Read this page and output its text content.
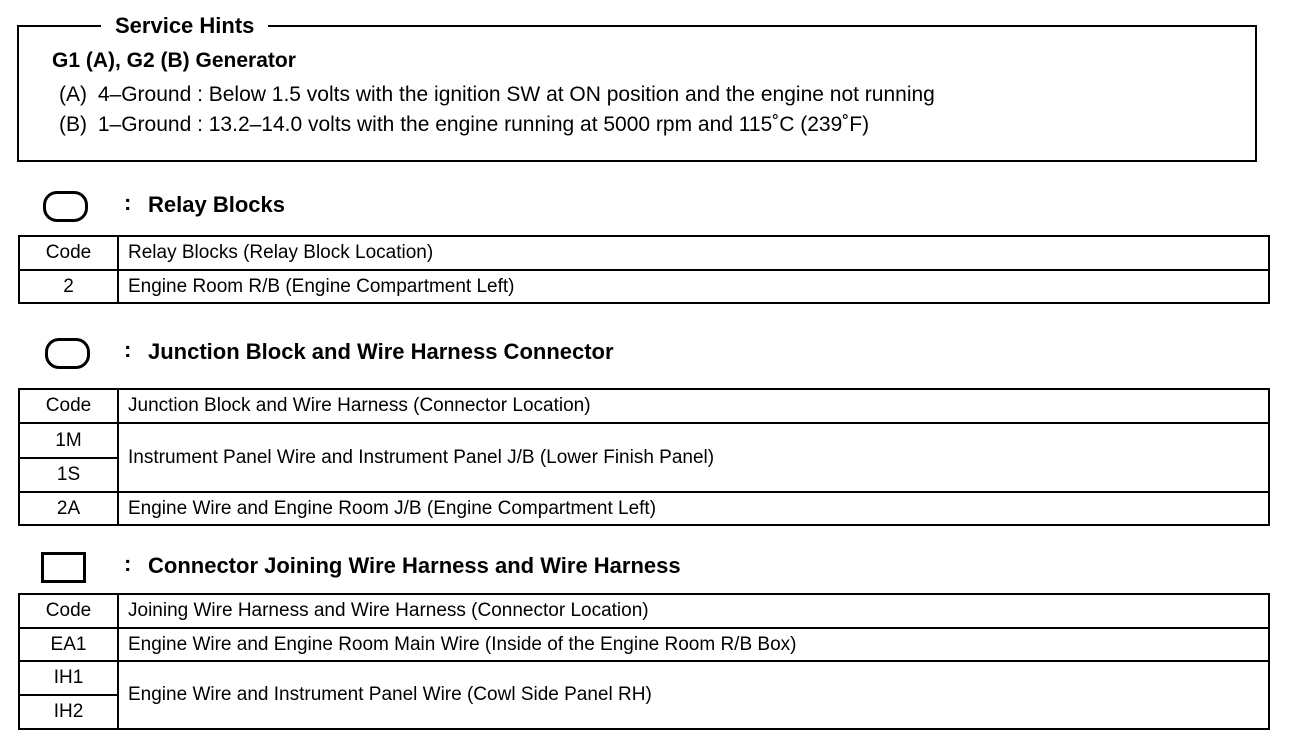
Service Hints
G1 (A), G2 (B) Generator
(A) 4–Ground : Below 1.5 volts with the ignition SW at ON position and the engine not running
(B) 1–Ground : 13.2–14.0 volts with the engine running at 5000 rpm and 115˚C (239˚F)
: Relay Blocks
Code	Relay Blocks (Relay Block Location)
2	Engine Room R/B (Engine Compartment Left)
: Junction Block and Wire Harness Connector
Code	Junction Block and Wire Harness (Connector Location)
1M	Instrument Panel Wire and Instrument Panel J/B (Lower Finish Panel)
1S	
2A	Engine Wire and Engine Room J/B (Engine Compartment Left)
: Connector Joining Wire Harness and Wire Harness
Code	Joining Wire Harness and Wire Harness (Connector Location)
EA1	Engine Wire and Engine Room Main Wire (Inside of the Engine Room R/B Box)
IH1	Engine Wire and Instrument Panel Wire (Cowl Side Panel RH)
IH2	
